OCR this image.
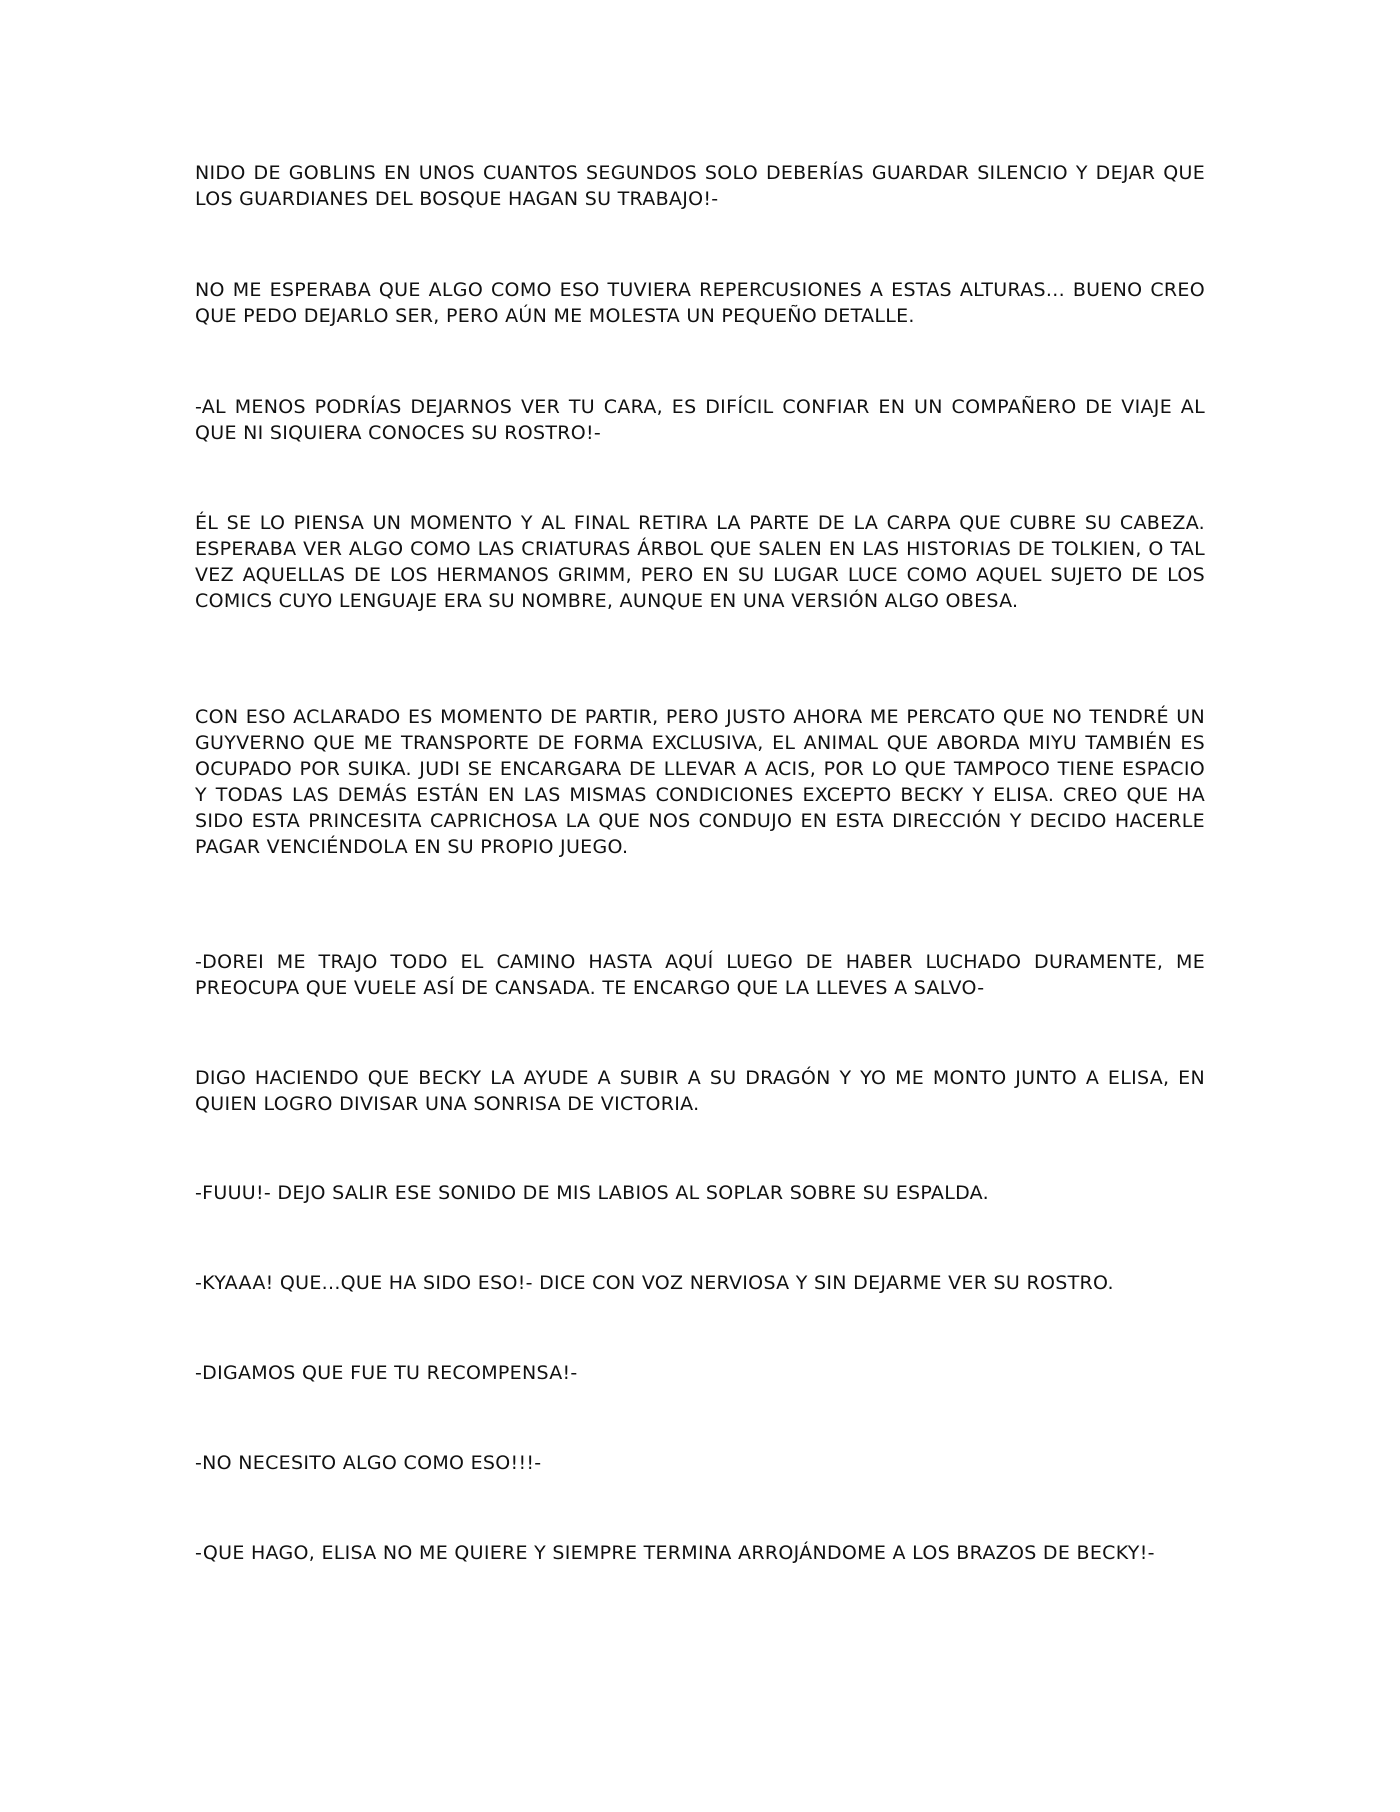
NIDO DE GOBLINS EN UNOS CUANTOS SEGUNDOS SOLO DEBERÍAS GUARDAR SILENCIO Y DEJAR QUE LOS GUARDIANES DEL BOSQUE HAGAN SU TRABAJO!-

NO ME ESPERABA QUE ALGO COMO ESO TUVIERA REPERCUSIONES A ESTAS ALTURAS... BUENO CREO QUE PEDO DEJARLO SER, PERO AÚN ME MOLESTA UN PEQUEÑO DETALLE.

-AL MENOS PODRÍAS DEJARNOS VER TU CARA, ES DIFÍCIL CONFIAR EN UN COMPAÑERO DE VIAJE AL QUE NI SIQUIERA CONOCES SU ROSTRO!-

ÉL SE LO PIENSA UN MOMENTO Y AL FINAL RETIRA LA PARTE DE LA CARPA QUE CUBRE SU CABEZA. ESPERABA VER ALGO COMO LAS CRIATURAS ÁRBOL QUE SALEN EN LAS HISTORIAS DE TOLKIEN, O TAL VEZ AQUELLAS DE LOS HERMANOS GRIMM, PERO EN SU LUGAR LUCE COMO AQUEL SUJETO DE LOS COMICS CUYO LENGUAJE ERA SU NOMBRE, AUNQUE EN UNA VERSIÓN ALGO OBESA.

CON ESO ACLARADO ES MOMENTO DE PARTIR, PERO JUSTO AHORA ME PERCATO QUE NO TENDRÉ UN GUYVERNO QUE ME TRANSPORTE DE FORMA EXCLUSIVA, EL ANIMAL QUE ABORDA MIYU TAMBIÉN ES OCUPADO POR SUIKA. JUDI SE ENCARGARA DE LLEVAR A ACIS, POR LO QUE TAMPOCO TIENE ESPACIO Y TODAS LAS DEMÁS ESTÁN EN LAS MISMAS CONDICIONES EXCEPTO BECKY Y ELISA. CREO QUE HA SIDO ESTA PRINCESITA CAPRICHOSA LA QUE NOS CONDUJO EN ESTA DIRECCIÓN Y DECIDO HACERLE PAGAR VENCIÉNDOLA EN SU PROPIO JUEGO.

-DOREI ME TRAJO TODO EL CAMINO HASTA AQUÍ LUEGO DE HABER LUCHADO DURAMENTE, ME PREOCUPA QUE VUELE ASÍ DE CANSADA. TE ENCARGO QUE LA LLEVES A SALVO-

DIGO HACIENDO QUE BECKY LA AYUDE A SUBIR A SU DRAGÓN Y YO ME MONTO JUNTO A ELISA, EN QUIEN LOGRO DIVISAR UNA SONRISA DE VICTORIA.

-FUUU!- DEJO SALIR ESE SONIDO DE MIS LABIOS AL SOPLAR SOBRE SU ESPALDA.

-KYAAA! QUE...QUE HA SIDO ESO!- DICE CON VOZ NERVIOSA Y SIN DEJARME VER SU ROSTRO.

-DIGAMOS QUE FUE TU RECOMPENSA!-

-NO NECESITO ALGO COMO ESO!!!-

-QUE HAGO, ELISA NO ME QUIERE Y SIEMPRE TERMINA ARROJÁNDOME A LOS BRAZOS DE BECKY!-
